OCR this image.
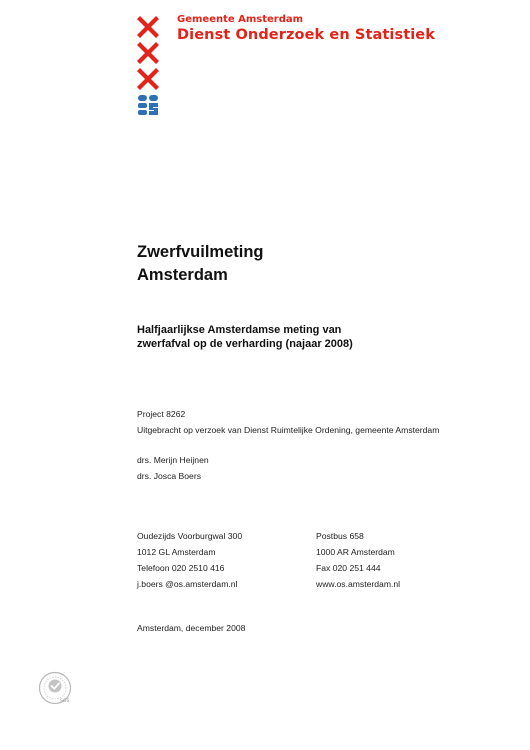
Gemeente Amsterdam
Dienst Onderzoek en Statistiek
Zwerfvuilmeting
Amsterdam
Halfjaarlijkse Amsterdamse meting van
zwerfafval op de verharding (najaar 2008)
Project 8262
Uitgebracht op verzoek van Dienst Ruimtelijke Ordening, gemeente Amsterdam
drs. Merijn Heijnen
drs. Josca Boers
Oudezijds Voorburgwal 300
1012 GL Amsterdam
Telefoon 020 2510 416
j.boers @os.amsterdam.nl
Postbus 658
1000 AR Amsterdam
Fax 020 251 444
www.os.amsterdam.nl
Amsterdam, december 2008
SGS
